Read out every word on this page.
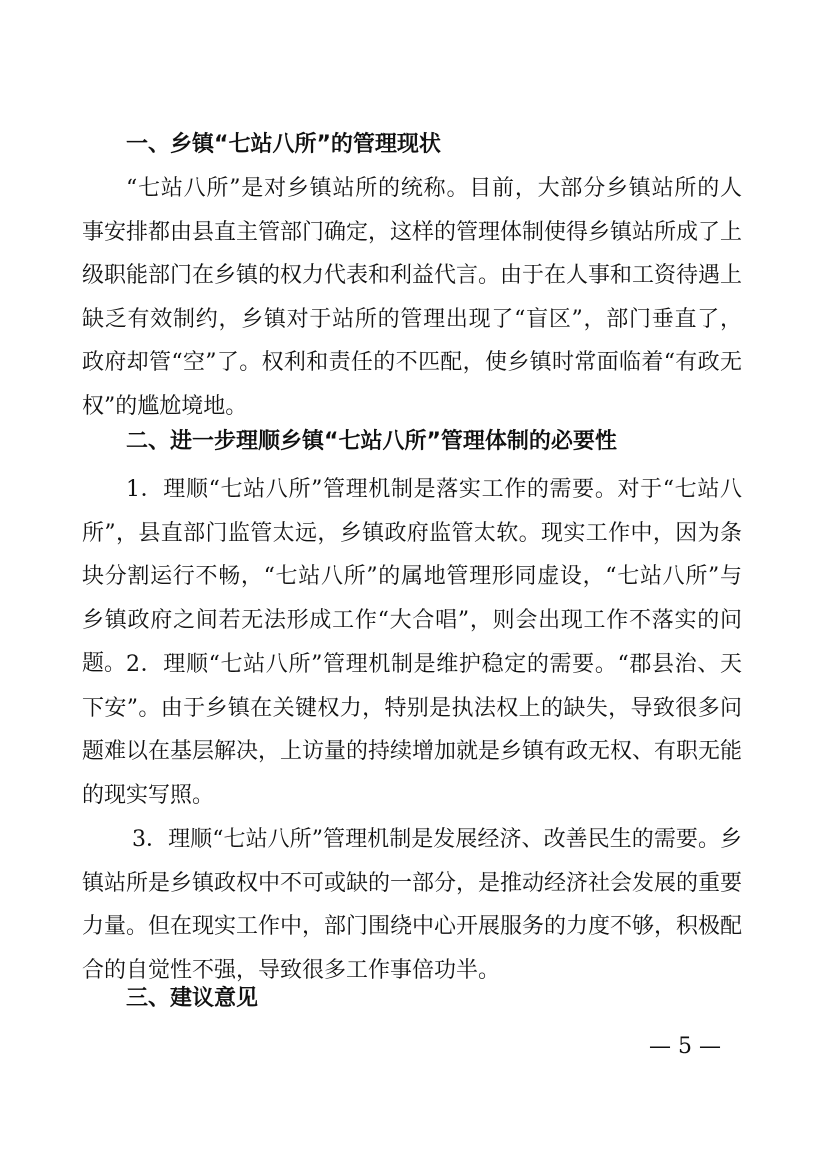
一、乡镇“七站八所”的管理现状

“七站八所”是对乡镇站所的统称。目前，大部分乡镇站所的人事安排都由县直主管部门确定，这样的管理体制使得乡镇站所成了上级职能部门在乡镇的权力代表和利益代言。由于在人事和工资待遇上缺乏有效制约，乡镇对于站所的管理出现了“盲区”，部门垂直了，政府却管“空”了。权利和责任的不匹配，使乡镇时常面临着“有政无权”的尴尬境地。

二、进一步理顺乡镇“七站八所”管理体制的必要性

1．理顺“七站八所”管理机制是落实工作的需要。对于“七站八所”，县直部门监管太远，乡镇政府监管太软。现实工作中，因为条块分割运行不畅，“七站八所”的属地管理形同虚设，“七站八所”与乡镇政府之间若无法形成工作“大合唱”，则会出现工作不落实的问题。 2．理顺“七站八所”管理机制是维护稳定的需要。“郡县治、天下安”。由于乡镇在关键权力，特别是执法权上的缺失，导致很多问题难以在基层解决，上访量的持续增加就是乡镇有政无权、有职无能的现实写照。

3．理顺“七站八所”管理机制是发展经济、改善民生的需要。乡镇站所是乡镇政权中不可或缺的一部分，是推动经济社会发展的重要力量。但在现实工作中，部门围绕中心开展服务的力度不够，积极配合的自觉性不强，导致很多工作事倍功半。

三、建议意见
— 5 —
